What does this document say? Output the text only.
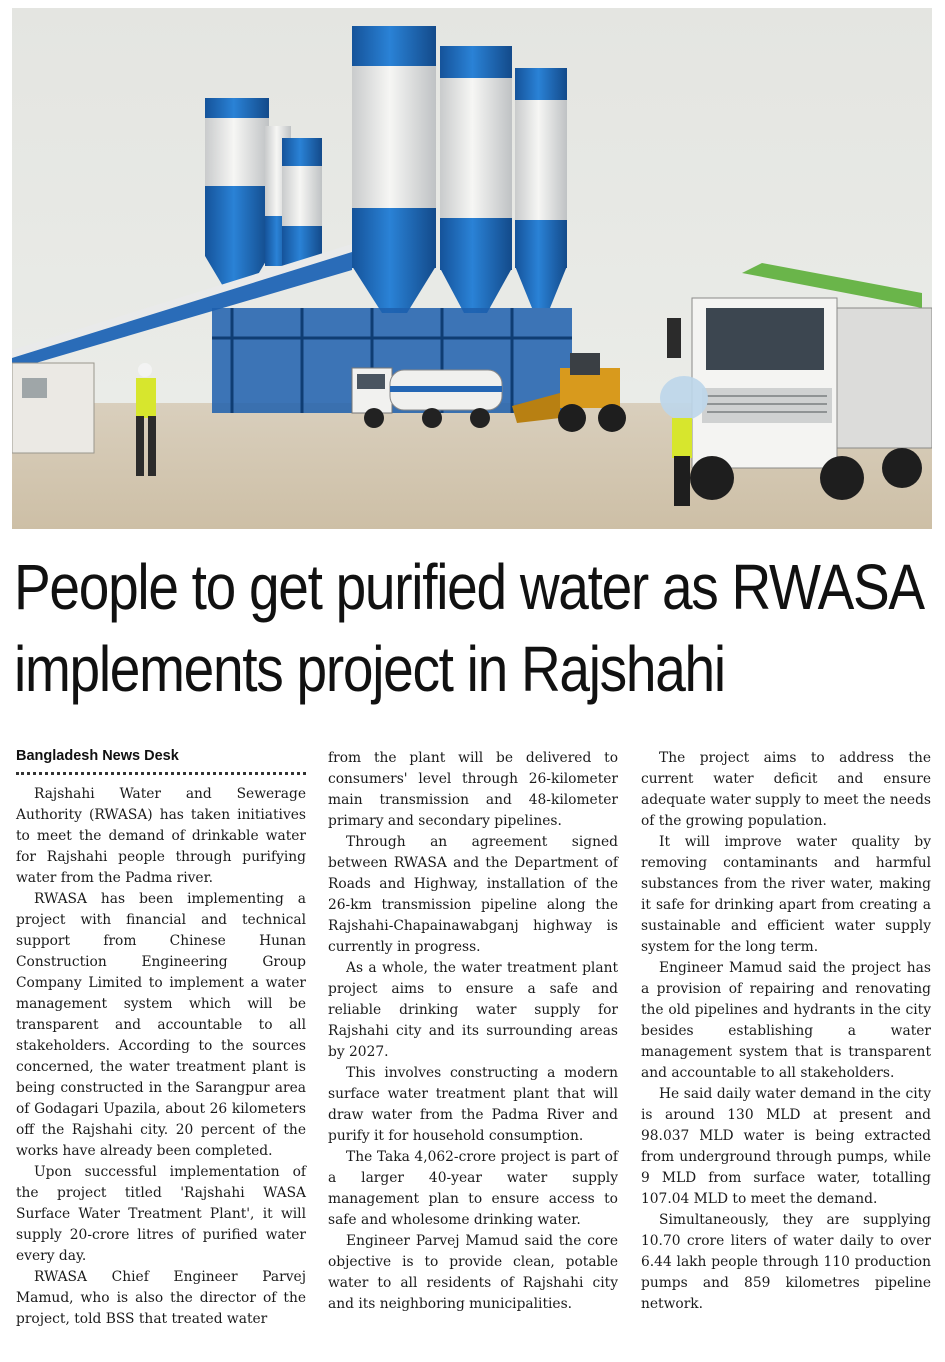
People to get purified water as RWASA
implements project in Rajshahi
Bangladesh News Desk

Rajshahi Water and Sewerage Authority (RWASA) has taken initiatives to meet the demand of drinkable water for Rajshahi people through purifying water from the Padma river.

RWASA has been implementing a project with financial and technical support from Chinese Hunan Construction Engineering Group Company Limited to implement a water management system which will be transparent and accountable to all stakeholders. According to the sources concerned, the water treatment plant is being constructed in the Sarangpur area of Godagari Upazila, about 26 kilometers off the Rajshahi city. 20 percent of the works have already been completed.

Upon successful implementation of the project titled 'Rajshahi WASA Surface Water Treatment Plant', it will supply 20-crore litres of purified water every day.

RWASA Chief Engineer Parvej Mamud, who is also the director of the project, told BSS that treated water

from the plant will be delivered to consumers' level through 26-kilometer main transmission and 48-kilometer primary and secondary pipelines.

Through an agreement signed between RWASA and the Department of Roads and Highway, installation of the 26-km transmission pipeline along the Rajshahi-Chapainawabganj highway is currently in progress.

As a whole, the water treatment plant project aims to ensure a safe and reliable drinking water supply for Rajshahi city and its surrounding areas by 2027.

This involves constructing a modern surface water treatment plant that will draw water from the Padma River and purify it for household consumption.

The Taka 4,062-crore project is part of a larger 40-year water supply management plan to ensure access to safe and wholesome drinking water.

Engineer Parvej Mamud said the core objective is to provide clean, potable water to all residents of Rajshahi city and its neighboring municipalities.

The project aims to address the current water deficit and ensure adequate water supply to meet the needs of the growing population.

It will improve water quality by removing contaminants and harmful substances from the river water, making it safe for drinking apart from creating a sustainable and efficient water supply system for the long term.

Engineer Mamud said the project has a provision of repairing and renovating the old pipelines and hydrants in the city besides establishing a water management system that is transparent and accountable to all stakeholders.

He said daily water demand in the city is around 130 MLD at present and 98.037 MLD water is being extracted from underground through pumps, while 9 MLD from surface water, totalling 107.04 MLD to meet the demand.

Simultaneously, they are supplying 10.70 crore liters of water daily to over 6.44 lakh people through 110 production pumps and 859 kilometres pipeline network.
